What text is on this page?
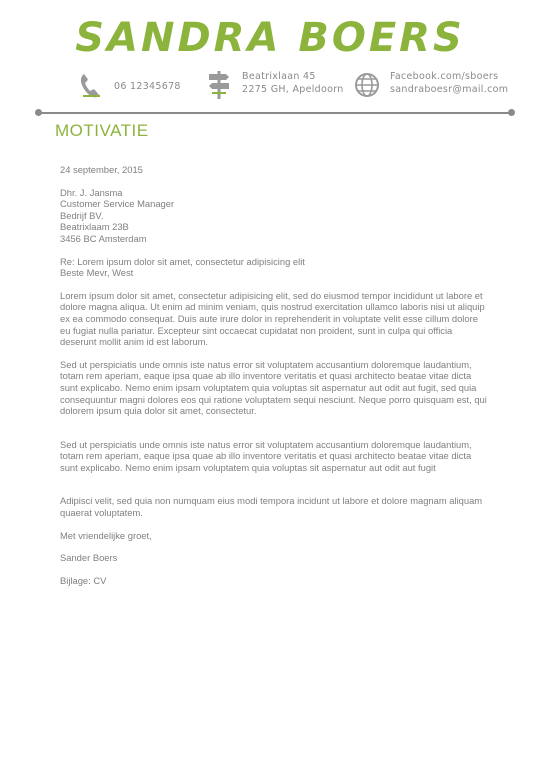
SANDRA BOERS
06 12345678
Beatrixlaan 45
2275 GH, Apeldoorn
Facebook.com/sboers
sandraboesr@mail.com
MOTIVATIE

24 september, 2015

Dhr. J. Jansma

Customer Service Manager

Bedrijf BV.

Beatrixlaam 23B

3456 BC Amsterdam

Re: Lorem ipsum dolor sit amet, consectetur adipisicing elit

Beste Mevr, West

Lorem ipsum dolor sit amet, consectetur adipisicing elit, sed do eiusmod tempor incididunt ut labore et dolore magna aliqua. Ut enim ad minim veniam, quis nostrud exercitation ullamco laboris nisi ut aliquip ex ea commodo consequat. Duis aute irure dolor in reprehenderit in voluptate velit esse cillum dolore eu fugiat nulla pariatur. Excepteur sint occaecat cupidatat non proident, sunt in culpa qui officia deserunt mollit anim id est laborum.

Sed ut perspiciatis unde omnis iste natus error sit voluptatem accusantium doloremque laudantium, totam rem aperiam, eaque ipsa quae ab illo inventore veritatis et quasi architecto beatae vitae dicta sunt explicabo. Nemo enim ipsam voluptatem quia voluptas sit aspernatur aut odit aut fugit, sed quia consequuntur magni dolores eos qui ratione voluptatem sequi nesciunt. Neque porro quisquam est, qui dolorem ipsum quia dolor sit amet, consectetur.

Sed ut perspiciatis unde omnis iste natus error sit voluptatem accusantium doloremque laudantium, totam rem aperiam, eaque ipsa quae ab illo inventore veritatis et quasi architecto beatae vitae dicta sunt explicabo. Nemo enim ipsam voluptatem quia voluptas sit aspernatur aut odit aut fugit

Adipisci velit, sed quia non numquam eius modi tempora incidunt ut labore et dolore magnam aliquam quaerat voluptatem.

Met vriendelijke groet,

Sander Boers

Bijlage: CV
